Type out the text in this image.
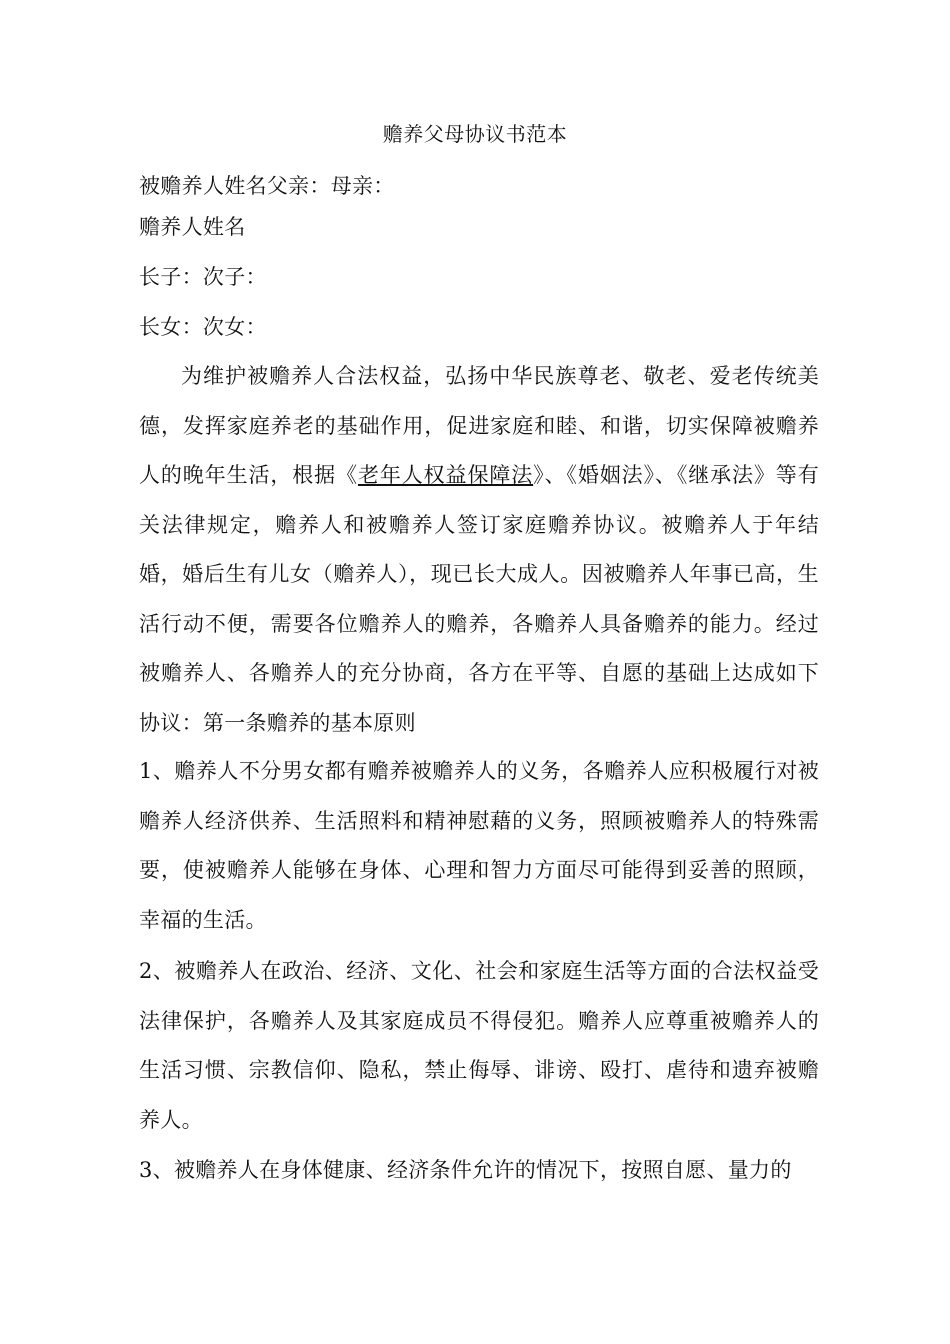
赡养父母协议书范本
被赡养人姓名父亲：母亲：
赡养人姓名
长子：次子：
长女：次女：

为维护被赡养人合法权益，弘扬中华民族尊老、敬老、爱老传统美德，发挥家庭养老的基础作用，促进家庭和睦、和谐，切实保障被赡养人的晚年生活，根据《老年人权益保障法》、《婚姻法》、《继承法》等有关法律规定，赡养人和被赡养人签订家庭赡养协议。被赡养人于年结婚，婚后生有儿女（赡养人），现已长大成人。因被赡养人年事已高，生活行动不便，需要各位赡养人的赡养，各赡养人具备赡养的能力。经过被赡养人、各赡养人的充分协商，各方在平等、自愿的基础上达成如下协议：第一条赡养的基本原则

1、赡养人不分男女都有赡养被赡养人的义务，各赡养人应积极履行对被赡养人经济供养、生活照料和精神慰藉的义务，照顾被赡养人的特殊需要，使被赡养人能够在身体、心理和智力方面尽可能得到妥善的照顾，幸福的生活。

2、被赡养人在政治、经济、文化、社会和家庭生活等方面的合法权益受法律保护，各赡养人及其家庭成员不得侵犯。赡养人应尊重被赡养人的生活习惯、宗教信仰、隐私，禁止侮辱、诽谤、殴打、虐待和遗弃被赡养人。

3、被赡养人在身体健康、经济条件允许的情况下，按照自愿、量力的
